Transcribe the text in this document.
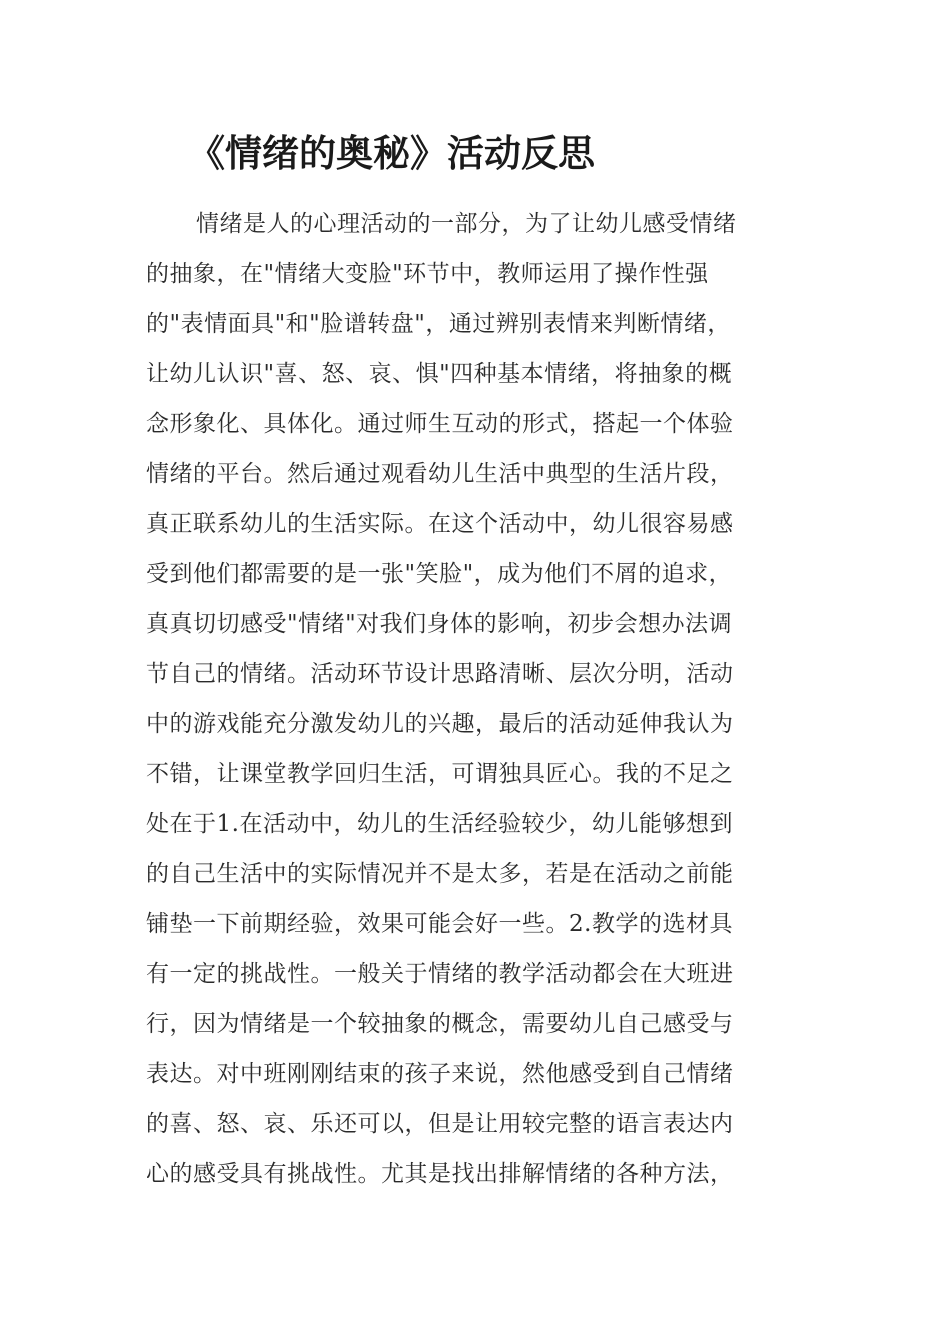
《情绪的奥秘》活动反思
情绪是人的心理活动的一部分，为了让幼儿感受情绪
的抽象，在"情绪大变脸"环节中，教师运用了操作性强
的"表情面具"和"脸谱转盘"，通过辨别表情来判断情绪，
让幼儿认识"喜、怒、哀、惧"四种基本情绪，将抽象的概
念形象化、具体化。通过师生互动的形式，搭起一个体验
情绪的平台。然后通过观看幼儿生活中典型的生活片段，
真正联系幼儿的生活实际。在这个活动中，幼儿很容易感
受到他们都需要的是一张"笑脸"，成为他们不屑的追求，
真真切切感受"情绪"对我们身体的影响，初步会想办法调
节自己的情绪。活动环节设计思路清晰、层次分明，活动
中的游戏能充分激发幼儿的兴趣，最后的活动延伸我认为
不错，让课堂教学回归生活，可谓独具匠心。我的不足之
处在于1.在活动中，幼儿的生活经验较少，幼儿能够想到
的自己生活中的实际情况并不是太多，若是在活动之前能
铺垫一下前期经验，效果可能会好一些。2.教学的选材具
有一定的挑战性。一般关于情绪的教学活动都会在大班进
行，因为情绪是一个较抽象的概念，需要幼儿自己感受与
表达。对中班刚刚结束的孩子来说，然他感受到自己情绪
的喜、怒、哀、乐还可以，但是让用较完整的语言表达内
心的感受具有挑战性。尤其是找出排解情绪的各种方法，
